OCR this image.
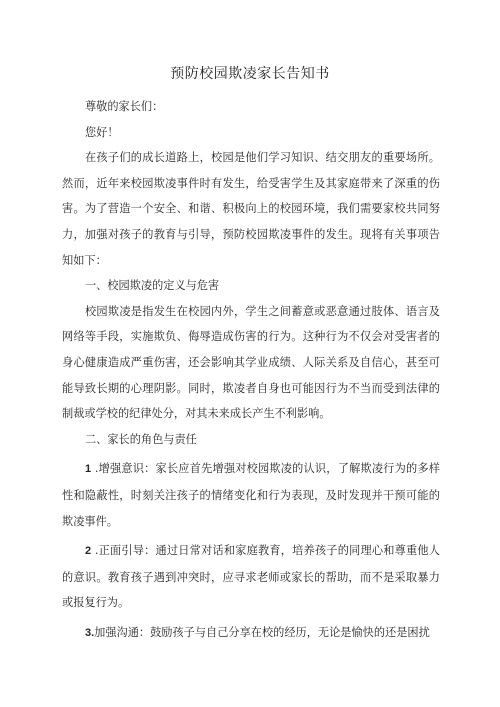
预防校园欺凌家长告知书

尊敬的家长们：

您好！

在孩子们的成长道路上，校园是他们学习知识、结交朋友的重要场所。然而，近年来校园欺凌事件时有发生，给受害学生及其家庭带来了深重的伤害。为了营造一个安全、和谐、积极向上的校园环境，我们需要家校共同努力，加强对孩子的教育与引导，预防校园欺凌事件的发生。现将有关事项告知如下：

一、校园欺凌的定义与危害

校园欺凌是指发生在校园内外，学生之间蓄意或恶意通过肢体、语言及网络等手段，实施欺负、侮辱造成伤害的行为。这种行为不仅会对受害者的身心健康造成严重伤害，还会影响其学业成绩、人际关系及自信心，甚至可能导致长期的心理阴影。同时，欺凌者自身也可能因行为不当而受到法律的制裁或学校的纪律处分，对其未来成长产生不利影响。

二、家长的角色与责任

1 .增强意识：家长应首先增强对校园欺凌的认识，了解欺凌行为的多样性和隐蔽性，时刻关注孩子的情绪变化和行为表现，及时发现并干预可能的欺凌事件。

2 .正面引导：通过日常对话和家庭教育，培养孩子的同理心和尊重他人的意识。教育孩子遇到冲突时，应寻求老师或家长的帮助，而不是采取暴力或报复行为。

3.加强沟通：鼓励孩子与自己分享在校的经历，无论是愉快的还是困扰
